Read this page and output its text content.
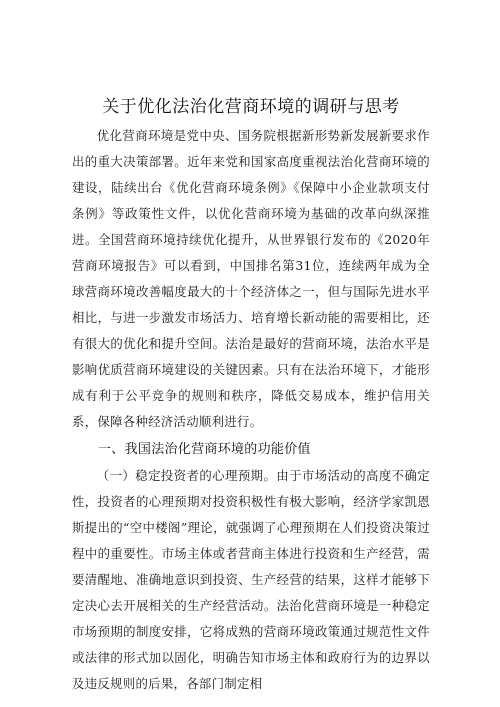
关于优化法治化营商环境的调研与思考

优化营商环境是党中央、国务院根据新形势新发展新要求作出的重大决策部署。近年来党和国家高度重视法治化营商环境的建设，陆续出台《优化营商环境条例》《保障中小企业款项支付条例》等政策性文件，以优化营商环境为基础的改革向纵深推进。全国营商环境持续优化提升，从世界银行发布的《2020年营商环境报告》可以看到，中国排名第31位，连续两年成为全球营商环境改善幅度最大的十个经济体之一，但与国际先进水平相比，与进一步激发市场活力、培育增长新动能的需要相比，还有很大的优化和提升空间。法治是最好的营商环境，法治水平是影响优质营商环境建设的关键因素。只有在法治环境下，才能形成有利于公平竞争的规则和秩序，降低交易成本，维护信用关系，保障各种经济活动顺利进行。

一、我国法治化营商环境的功能价值

（一）稳定投资者的心理预期。由于市场活动的高度不确定性，投资者的心理预期对投资积极性有极大影响，经济学家凯恩斯提出的“空中楼阁”理论，就强调了心理预期在人们投资决策过程中的重要性。市场主体或者营商主体进行投资和生产经营，需要清醒地、准确地意识到投资、生产经营的结果，这样才能够下定决心去开展相关的生产经营活动。法治化营商环境是一种稳定市场预期的制度安排，它将成熟的营商环境政策通过规范性文件或法律的形式加以固化，明确告知市场主体和政府行为的边界以及违反规则的后果，各部门制定相
